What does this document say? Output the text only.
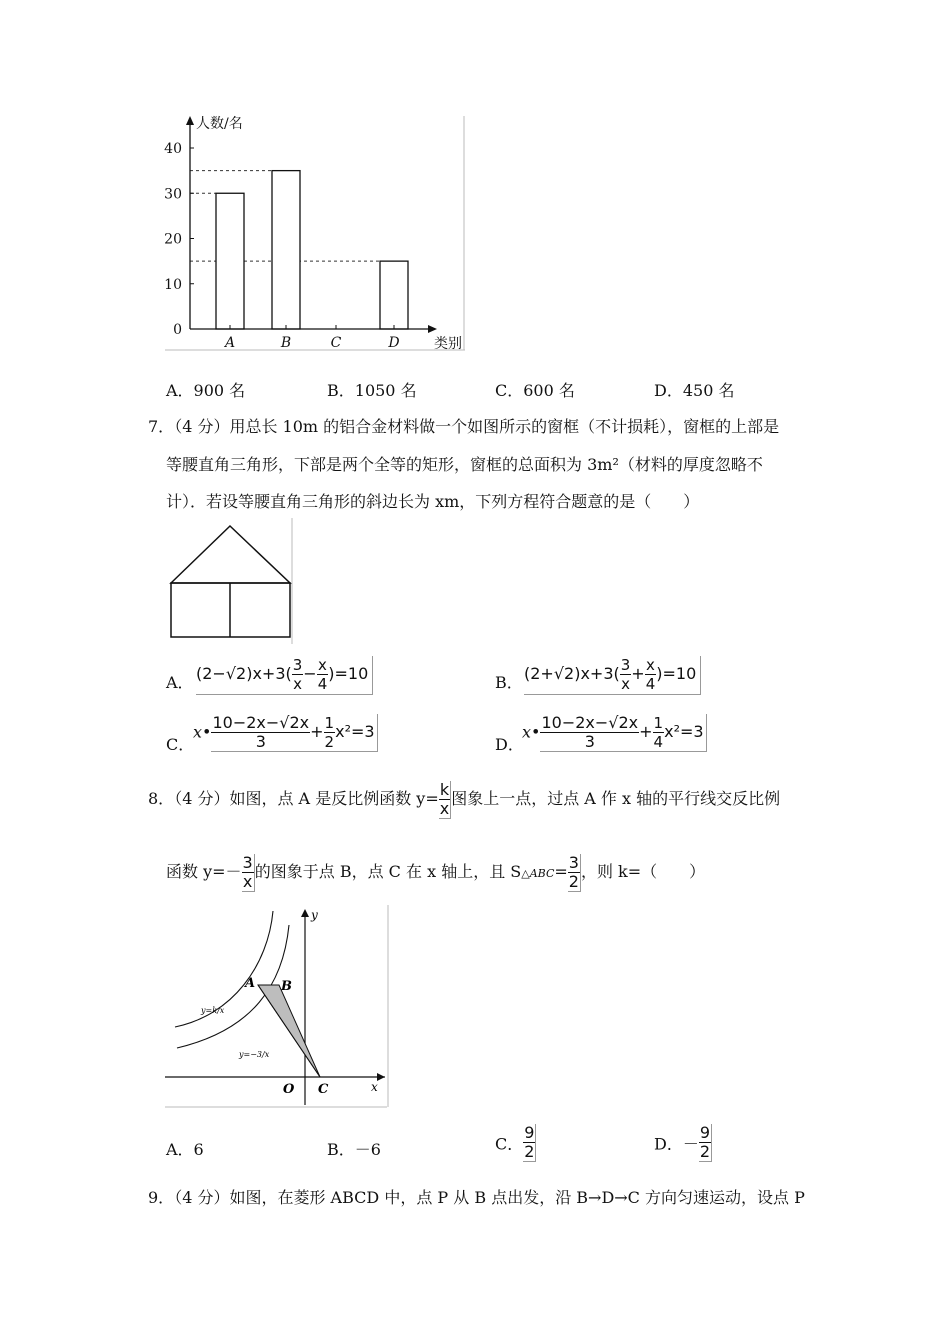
0
10
20
30
40
A	B	C	D
人数/名
类别
A．900 名	B．1050 名	C．600 名	D．450 名
7．（4 分）用总长 10m 的铝合金材料做一个如图所示的窗框（不计损耗），窗框的上部是
等腰直角三角形，下部是两个全等的矩形，窗框的总面积为 3m²（材料的厚度忽略不
计）．若设等腰直角三角形的斜边长为 xm，下列方程符合题意的是（　　）
A． $(2-√2)x+3( \frac{3}{x} - \frac{x}{4} )=10$	B． $(2+√2)x+3( \frac{3}{x} + \frac{x}{4} )=10$
C．
x• $\frac{10-2x-√2x}{3} + \frac{1}{2} x^2=3$
D．
x• $\frac{10-2x-√2x}{3} + \frac{1}{4} x^2=3$
8．（4 分）如图，点 A 是反比例函数 $y= \frac{k}{x}$ 图象上一点，过点 A 作 x 轴的平行线交反比例
函数 $y=- \frac{3}{x}$ 的图象于点 B，点 C 在 x 轴上，且 S△ABC= $\frac{3}{2}$ ，则 k=（　　）
A B
O C
y
x
y=k/x
y=−3/x
A．6	B．－6	C． $\frac{9}{2}$	D．－ $\frac{9}{2}$
9．（4 分）如图，在菱形 ABCD 中，点 P 从 B 点出发，沿 B→D→C 方向匀速运动，设点 P
